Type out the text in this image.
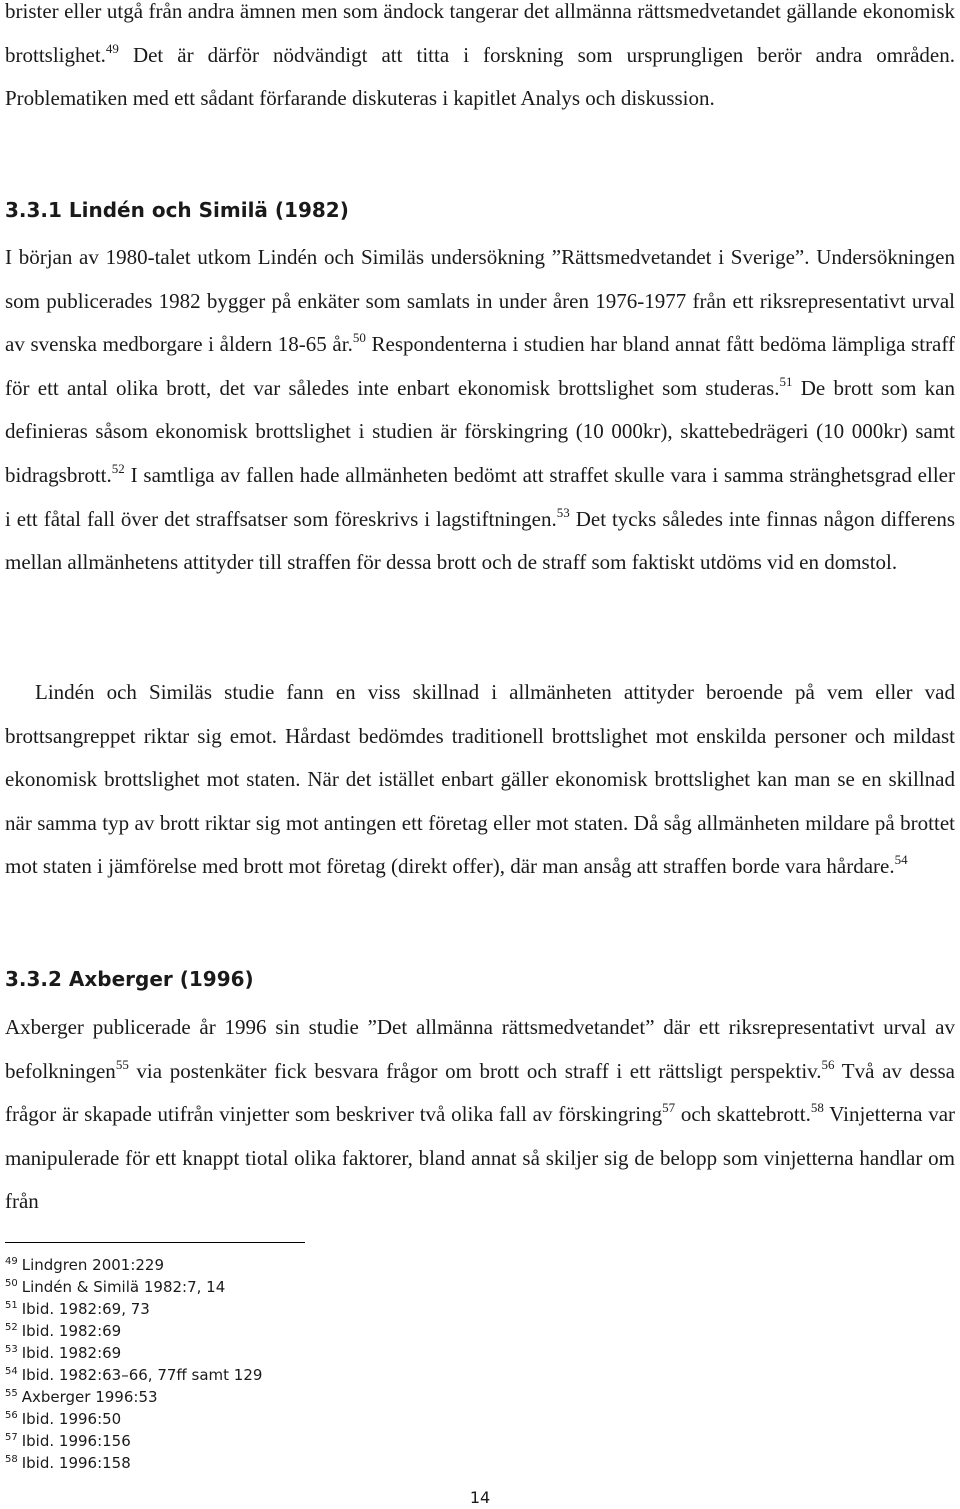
brister eller utgå från andra ämnen men som ändock tangerar det allmänna rättsmedvetandet gällande ekonomisk brottslighet.$^{49}$ Det är därför nödvändigt att titta i forskning som ursprungligen berör andra områden. Problematiken med ett sådant förfarande diskuteras i kapitlet Analys och diskussion.

3.3.1 Lindén och Similä (1982)

I början av 1980-talet utkom Lindén och Similäs undersökning ”Rättsmedvetandet i Sverige”. Undersökningen som publicerades 1982 bygger på enkäter som samlats in under åren 1976-1977 från ett riksrepresentativt urval av svenska medborgare i åldern 18-65 år.$^{50}$ Respondenterna i studien har bland annat fått bedöma lämpliga straff för ett antal olika brott, det var således inte enbart ekonomisk brottslighet som studeras.$^{51}$ De brott som kan definieras såsom ekonomisk brottslighet i studien är förskingring (10 000kr), skattebedrägeri (10 000kr) samt bidragsbrott.$^{52}$ I samtliga av fallen hade allmänheten bedömt att straffet skulle vara i samma stränghetsgrad eller i ett fåtal fall över det straffsatser som föreskrivs i lagstiftningen.$^{53}$ Det tycks således inte finnas någon differens mellan allmänhetens attityder till straffen för dessa brott och de straff som faktiskt utdöms vid en domstol.

Lindén och Similäs studie fann en viss skillnad i allmänheten attityder beroende på vem eller vad brottsangreppet riktar sig emot. Hårdast bedömdes traditionell brottslighet mot enskilda personer och mildast ekonomisk brottslighet mot staten. När det istället enbart gäller ekonomisk brottslighet kan man se en skillnad när samma typ av brott riktar sig mot antingen ett företag eller mot staten. Då såg allmänheten mildare på brottet mot staten i jämförelse med brott mot företag (direkt offer), där man ansåg att straffen borde vara hårdare.$^{54}$

3.3.2 Axberger (1996)

Axberger publicerade år 1996 sin studie ”Det allmänna rättsmedvetandet” där ett riksrepresentativt urval av befolkningen$^{55}$ via postenkäter fick besvara frågor om brott och straff i ett rättsligt perspektiv.$^{56}$ Två av dessa frågor är skapade utifrån vinjetter som beskriver två olika fall av förskingring$^{57}$ och skattebrott.$^{58}$ Vinjetterna var manipulerade för ett knappt tiotal olika faktorer, bland annat så skiljer sig de belopp som vinjetterna handlar om från

$^{49}$ Lindgren 2001:229
$^{50}$ Lindén & Similä 1982:7, 14
$^{51}$ Ibid. 1982:69, 73
$^{52}$ Ibid. 1982:69
$^{53}$ Ibid. 1982:69
$^{54}$ Ibid. 1982:63–66, 77ff samt 129
$^{55}$ Axberger 1996:53
$^{56}$ Ibid. 1996:50
$^{57}$ Ibid. 1996:156
$^{58}$ Ibid. 1996:158
14
